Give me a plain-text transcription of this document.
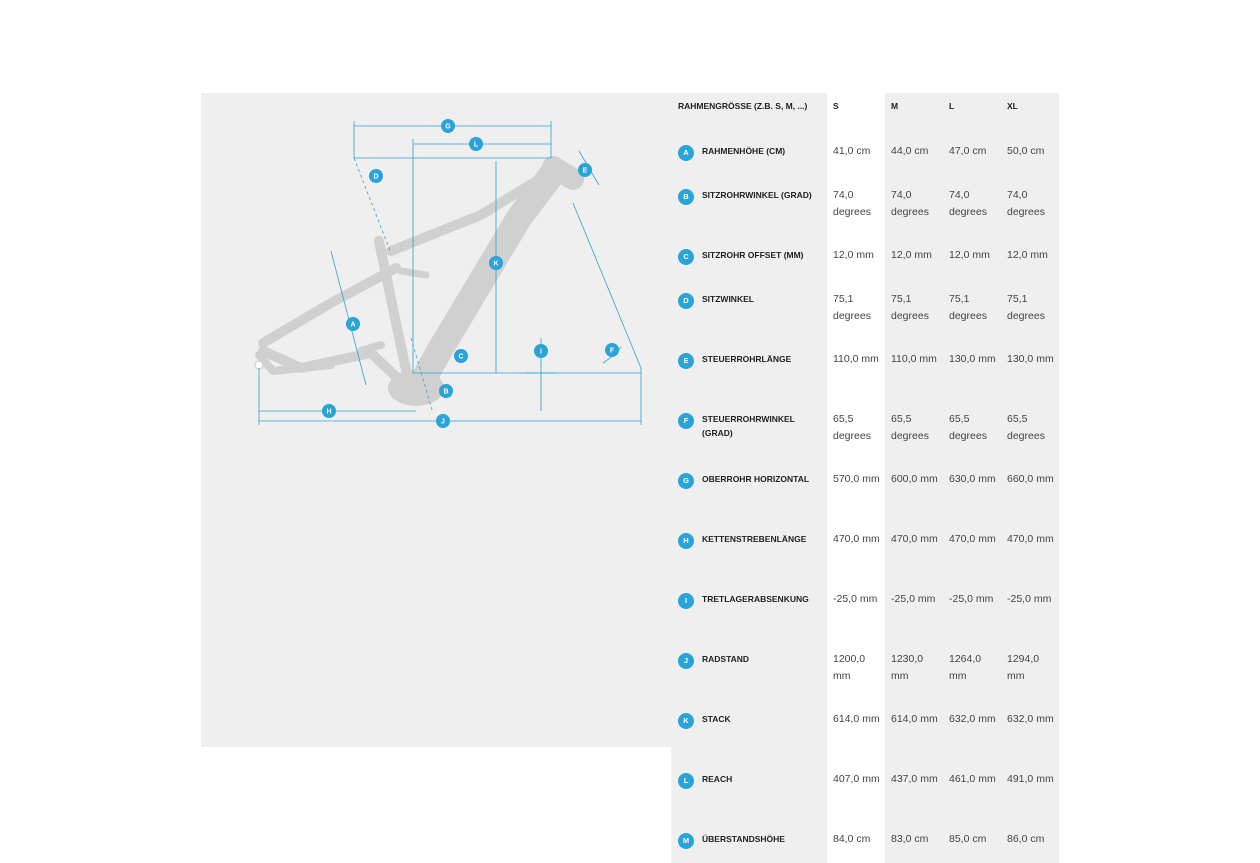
G
L
D
E
K
A
C
I	F
B
H
J
RAHMENGRÖSSE (Z.B. S, M, ...)	S	M	L	XL

A RAHMENHÖHE (CM)	41,0 cm	44,0 cm	47,0 cm	50,0 cm

B SITZROHRWINKEL (GRAD)	74,0 degrees	74,0 degrees	74,0 degrees	74,0 degrees

C SITZROHR OFFSET (MM)	12,0 mm	12,0 mm	12,0 mm	12,0 mm

D SITZWINKEL	75,1 degrees	75,1 degrees	75,1 degrees	75,1 degrees

E STEUERROHRLÄNGE	110,0 mm	110,0 mm	130,0 mm	130,0 mm

F STEUERROHRWINKEL (GRAD)	65,5 degrees	65,5 degrees	65,5 degrees	65,5 degrees

G OBERROHR HORIZONTAL	570,0 mm	600,0 mm	630,0 mm	660,0 mm

H KETTENSTREBENLÄNGE	470,0 mm	470,0 mm	470,0 mm	470,0 mm

I TRETLAGERABSENKUNG	-25,0 mm	-25,0 mm	-25,0 mm	-25,0 mm

J RADSTAND	1200,0 mm	1230,0 mm	1264,0 mm	1294,0 mm

K STACK	614,0 mm	614,0 mm	632,0 mm	632,0 mm

L REACH	407,0 mm	437,0 mm	461,0 mm	491,0 mm

M ÜBERSTANDSHÖHE	84,0 cm	83,0 cm	85,0 cm	86,0 cm
